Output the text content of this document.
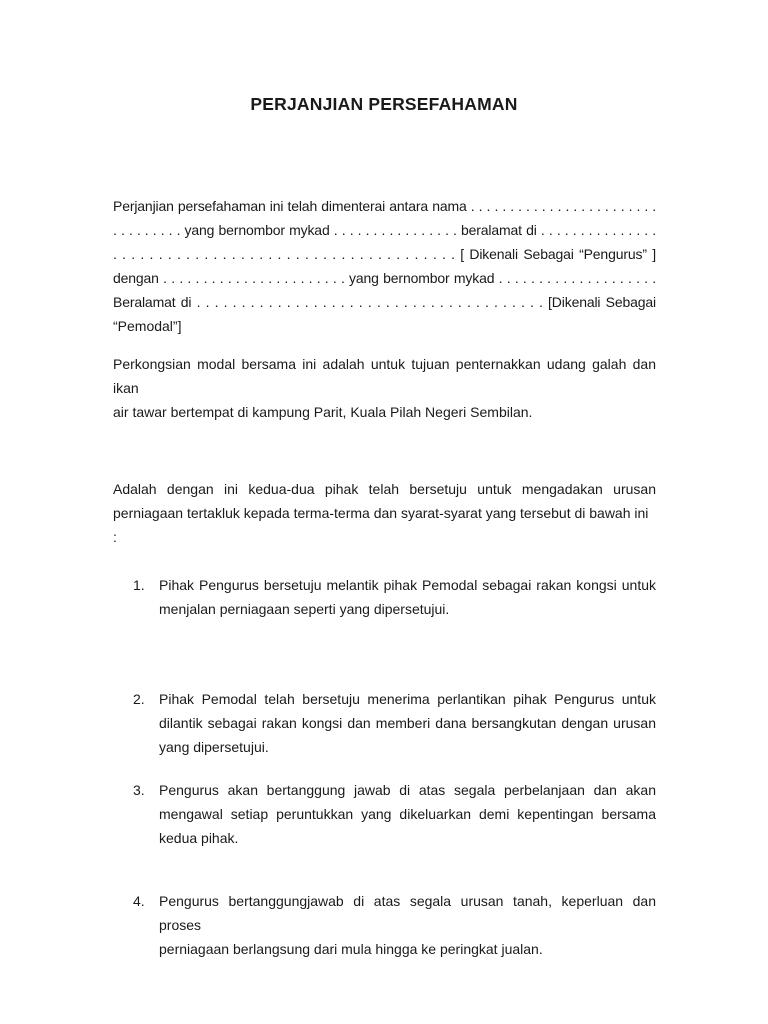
PERJANJIAN PERSEFAHAMAN
Perjanjian persefahaman ini telah dimenterai antara nama . . . . . . . . . . . . . . . . . . . . . . . .
. . . . . . . . . yang bernombor mykad . . . . . . . . . . . . . . . . beralamat di . . . . . . . . . . . . . . .
. . . . . . . . . . . . . . . . . . . . . . . . . . . . . . . . . . . . . . [ Dikenali Sebagai “Pengurus” ]
dengan . . . . . . . . . . . . . . . . . . . . . . . yang bernombor mykad . . . . . . . . . . . . . . . . . . . .
Beralamat di . . . . . . . . . . . . . . . . . . . . . . . . . . . . . . . . . . . . . . . [Dikenali Sebagai
“Pemodal”]
Perkongsian modal bersama ini adalah untuk tujuan penternakkan udang galah dan ikan
air tawar bertempat di kampung Parit, Kuala Pilah Negeri Sembilan.
Adalah dengan ini kedua-dua pihak telah bersetuju untuk mengadakan urusan
perniagaan tertakluk kepada terma-terma dan syarat-syarat yang tersebut di bawah ini :
1.	Pihak Pengurus bersetuju melantik pihak Pemodal sebagai rakan kongsi untuk
menjalan perniagaan seperti yang dipersetujui.
2.	Pihak Pemodal telah bersetuju menerima perlantikan pihak Pengurus untuk
dilantik sebagai rakan kongsi dan memberi dana bersangkutan dengan urusan
yang dipersetujui.
3.	Pengurus akan bertanggung jawab di atas segala perbelanjaan dan akan
mengawal setiap peruntukkan yang dikeluarkan demi kepentingan bersama
kedua pihak.
4.	Pengurus bertanggungjawab di atas segala urusan tanah, keperluan dan proses
perniagaan berlangsung dari mula hingga ke peringkat jualan.
